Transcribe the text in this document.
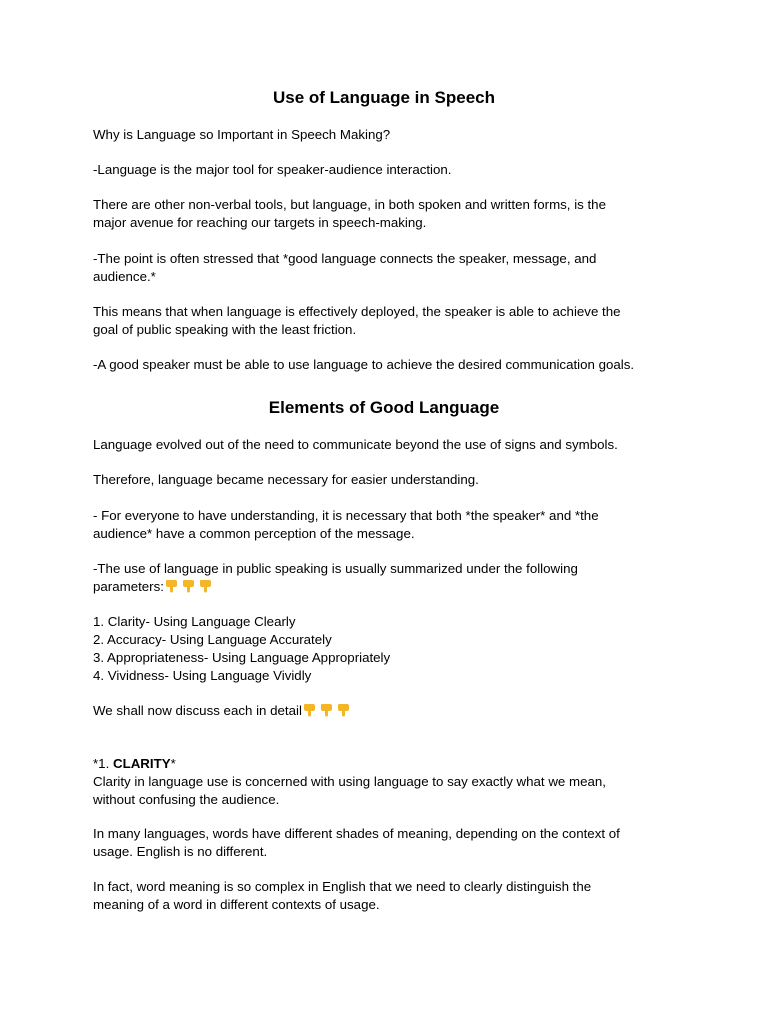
Use of Language in Speech

Why is Language so Important in Speech Making?

-Language is the major tool for speaker-audience interaction.

There are other non-verbal tools, but language, in both spoken and written forms, is the
major avenue for reaching our targets in speech-making.

-The point is often stressed that *good language connects the speaker, message, and
audience.*

This means that when language is effectively deployed, the speaker is able to achieve the
goal of public speaking with the least friction.

-A good speaker must be able to use language to achieve the desired communication goals.

Elements of Good Language

Language evolved out of the need to communicate beyond the use of signs and symbols.

Therefore, language became necessary for easier understanding.

- For everyone to have understanding, it is necessary that both *the speaker* and *the
audience* have a common perception of the message.

-The use of language in public speaking is usually summarized under the following
parameters:

1. Clarity- Using Language Clearly
2. Accuracy- Using Language Accurately
3. Appropriateness- Using Language Appropriately
4. Vividness- Using Language Vividly

We shall now discuss each in detail

*1. CLARITY*
Clarity in language use is concerned with using language to say exactly what we mean,
without confusing the audience.

In many languages, words have different shades of meaning, depending on the context of
usage. English is no different.

In fact, word meaning is so complex in English that we need to clearly distinguish the
meaning of a word in different contexts of usage.
